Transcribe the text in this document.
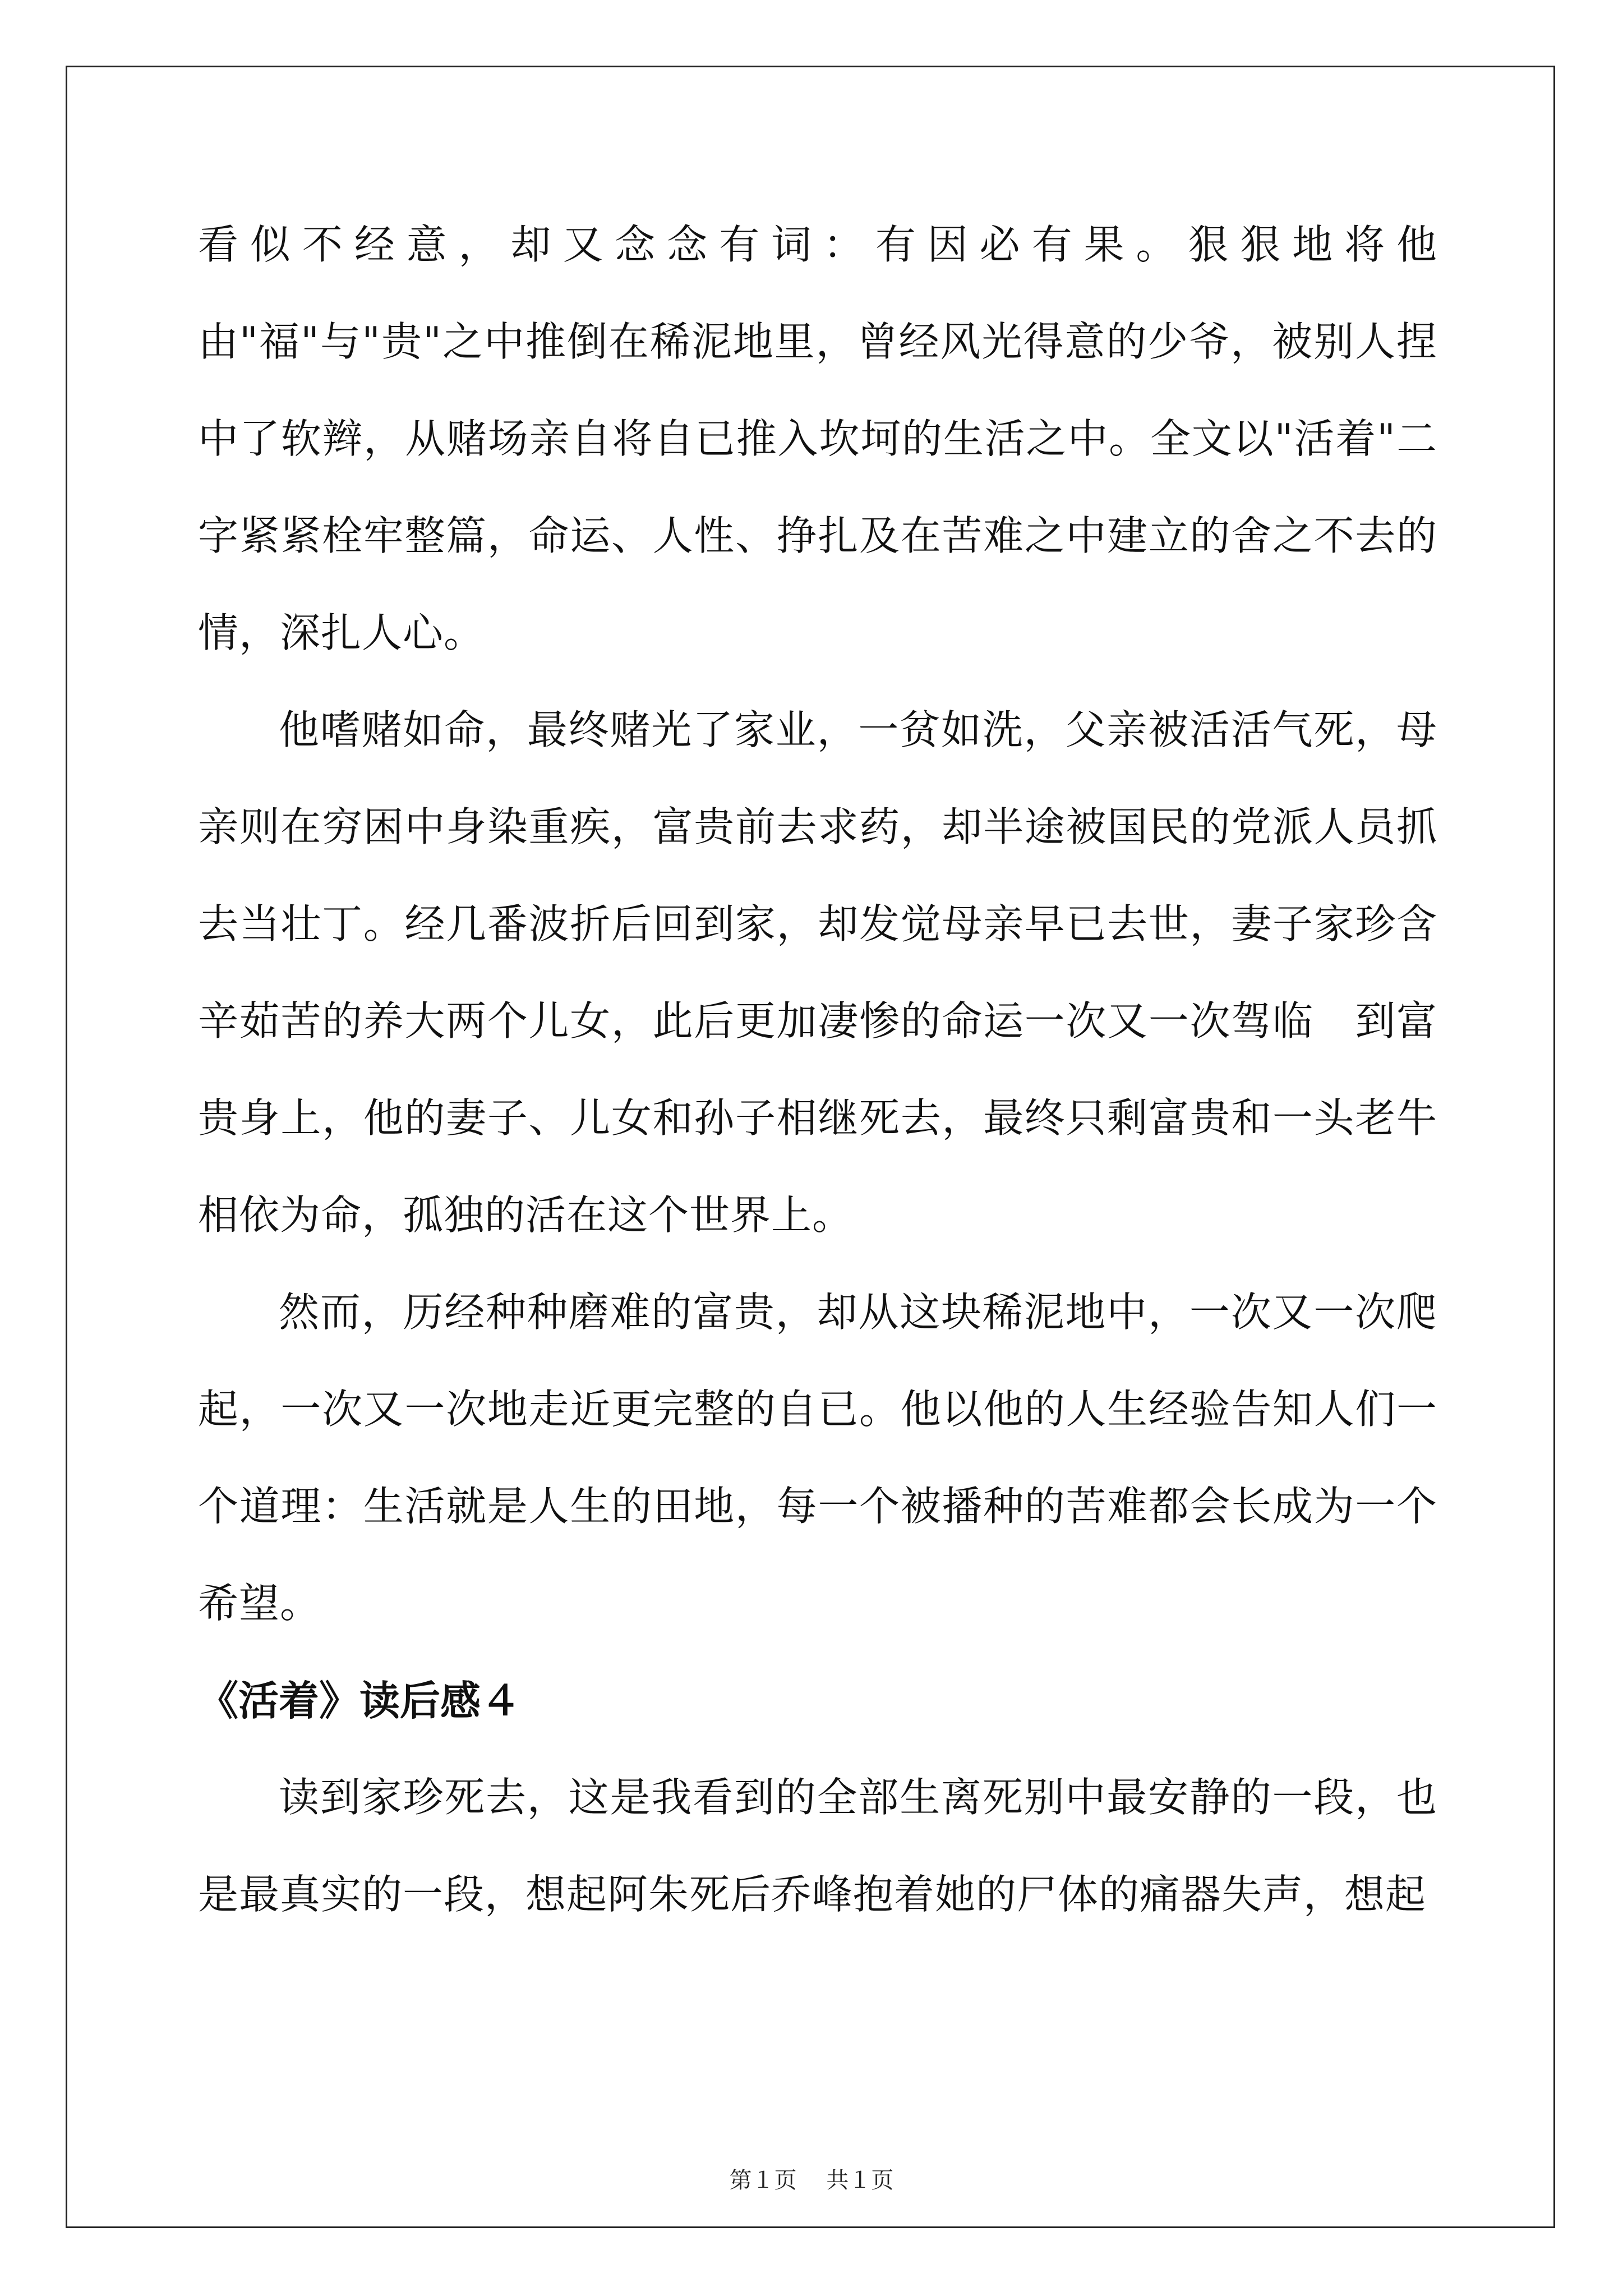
看似不经意，却又念念有词：有因必有果。狠狠地将他由"福"与"贵"之中推倒在稀泥地里，曾经风光得意的少爷，被别人捏中了软辫，从赌场亲自将自已推入坎坷的生活之中。全文以"活着"二字紧紧栓牢整篇，命运、人性、挣扎及在苦难之中建立的舍之不去的情，深扎人心。

他嗜赌如命，最终赌光了家业，一贫如洗，父亲被活活气死，母亲则在穷困中身染重疾，富贵前去求药，却半途被国民的党派人员抓去当壮丁。经几番波折后回到家，却发觉母亲早已去世，妻子家珍含辛茹苦的养大两个儿女，此后更加凄惨的命运一次又一次驾临　到富贵身上，他的妻子、儿女和孙子相继死去，最终只剩富贵和一头老牛相依为命，孤独的活在这个世界上。

然而，历经种种磨难的富贵，却从这块稀泥地中，一次又一次爬起，一次又一次地走近更完整的自已。他以他的人生经验告知人们一个道理：生活就是人生的田地，每一个被播种的苦难都会长成为一个希望。

《活着》读后感４

读到家珍死去，这是我看到的全部生离死别中最安静的一段，也是最真实的一段，想起阿朱死后乔峰抱着她的尸体的痛器失声，想起

第１页 共１页
